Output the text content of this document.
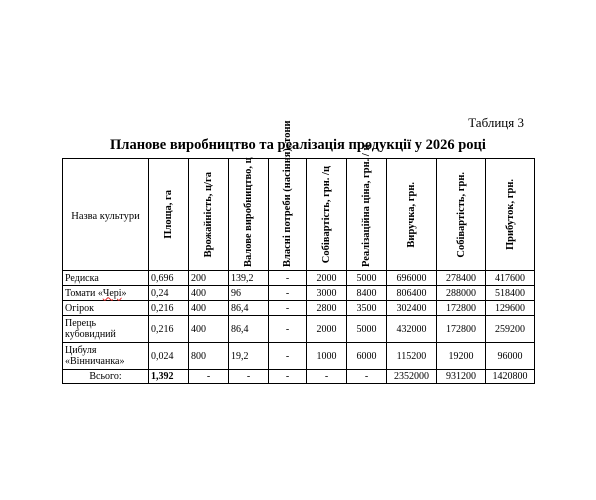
Таблиця 3
Планове виробництво та реалізація продукції у 2026 році
Назва культури	Площа, га	Врожайність, ц/га	Валове виробництво, ц	Власні потреби (насіння), тони	Собівартість, грн. /ц	Реалізаційна ціна, грн. / ц	Виручка, грн.	Собівартість, грн.	Прибуток, грн.

Редиска	0,696	200	139,2	-	2000	5000	696000	278400	417600
Томати «Чері»	0,24	400	96	-	3000	8400	806400	288000	518400
Огірок	0,216	400	86,4	-	2800	3500	302400	172800	129600
Перець
кубовидний	0,216	400	86,4	-	2000	5000	432000	172800	259200
Цибуля
«Вінничанка»	0,024	800	19,2	-	1000	6000	115200	19200	96000
Всього:	1,392	-	-	-	-	-	2352000	931200	1420800
